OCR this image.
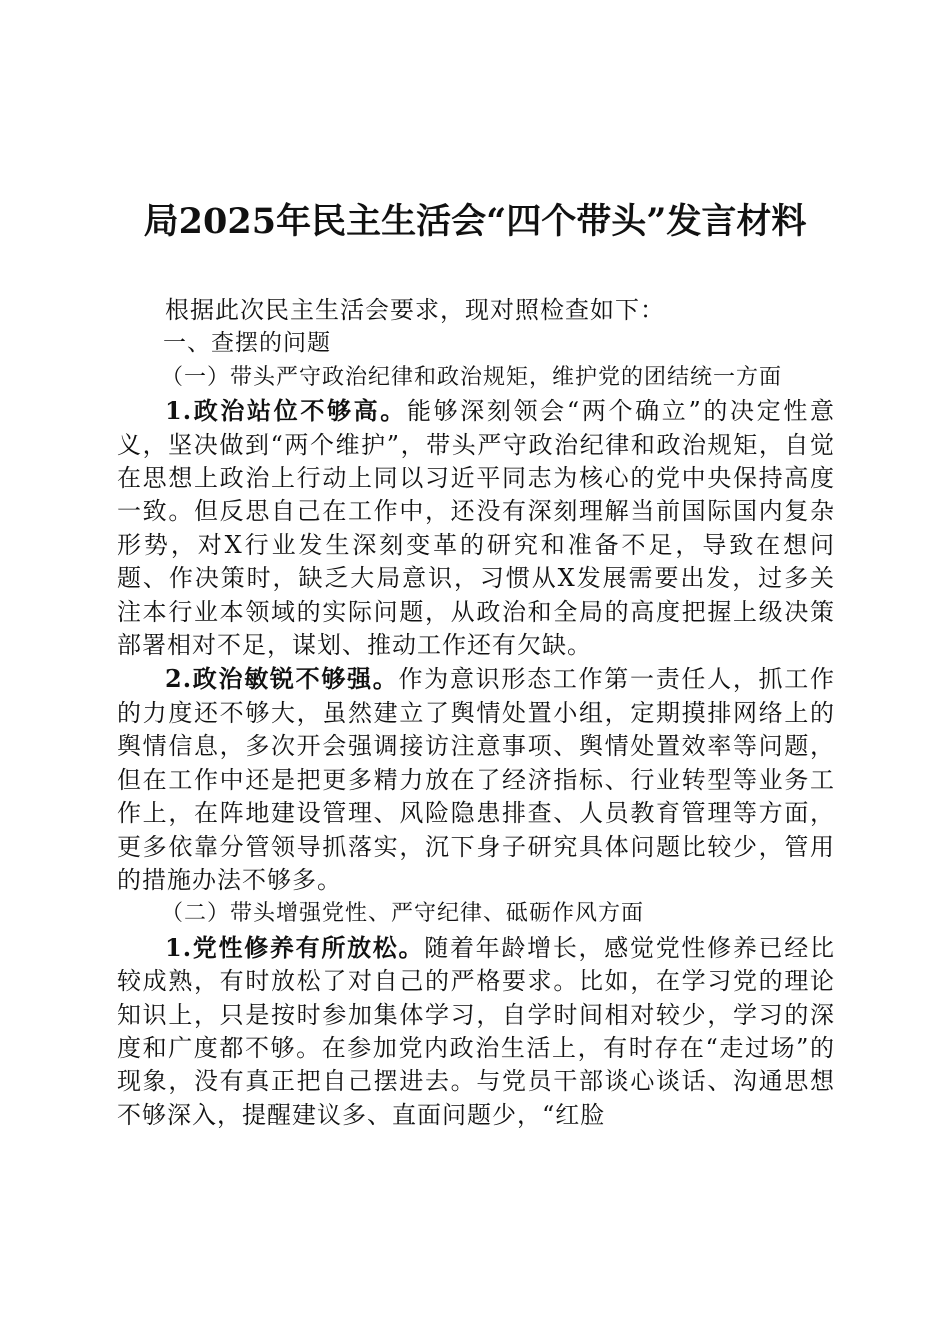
局2025年民主生活会“四个带头”发言材料

根据此次民主生活会要求，现对照检查如下：

一、查摆的问题

（一）带头严守政治纪律和政治规矩，维护党的团结统一方面

1.政治站位不够高。能够深刻领会“两个确立”的决定性意义，坚决做到“两个维护”，带头严守政治纪律和政治规矩，自觉在思想上政治上行动上同以习近平同志为核心的党中央保持高度一致。但反思自己在工作中，还没有深刻理解当前国际国内复杂形势，对X行业发生深刻变革的研究和准备不足，导致在想问题、作决策时，缺乏大局意识，习惯从X发展需要出发，过多关注本行业本领域的实际问题，从政治和全局的高度把握上级决策部署相对不足，谋划、推动工作还有欠缺。

2.政治敏锐不够强。作为意识形态工作第一责任人，抓工作的力度还不够大，虽然建立了舆情处置小组，定期摸排网络上的舆情信息，多次开会强调接访注意事项、舆情处置效率等问题，但在工作中还是把更多精力放在了经济指标、行业转型等业务工作上，在阵地建设管理、风险隐患排查、人员教育管理等方面，更多依靠分管领导抓落实，沉下身子研究具体问题比较少，管用的措施办法不够多。

（二）带头增强党性、严守纪律、砥砺作风方面

1.党性修养有所放松。随着年龄增长，感觉党性修养已经比较成熟，有时放松了对自己的严格要求。比如，在学习党的理论知识上，只是按时参加集体学习，自学时间相对较少，学习的深度和广度都不够。在参加党内政治生活上，有时存在“走过场”的现象，没有真正把自己摆进去。与党员干部谈心谈话、沟通思想不够深入，提醒建议多、直面问题少，“红脸
